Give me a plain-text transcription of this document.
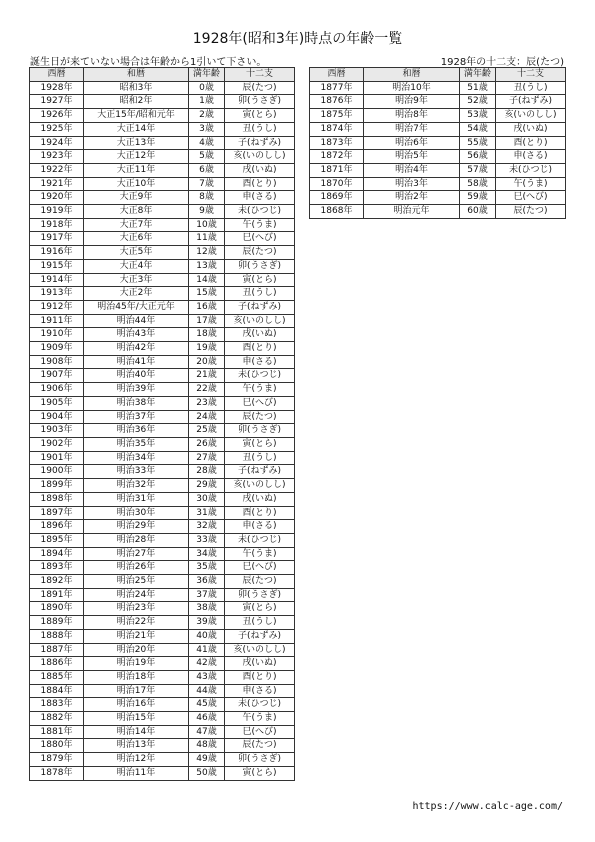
1928年(昭和3年)時点の年齢一覧
誕生日が来ていない場合は年齢から1引いて下さい。	1928年の十二支：辰(たつ)
西暦	和暦	満年齢	十二支
1928年	昭和3年	0歳	辰(たつ)
1927年	昭和2年	1歳	卯(うさぎ)
1926年	大正15年/昭和元年	2歳	寅(とら)
1925年	大正14年	3歳	丑(うし)
1924年	大正13年	4歳	子(ねずみ)
1923年	大正12年	5歳	亥(いのしし)
1922年	大正11年	6歳	戌(いぬ)
1921年	大正10年	7歳	酉(とり)
1920年	大正9年	8歳	申(さる)
1919年	大正8年	9歳	未(ひつじ)
1918年	大正7年	10歳	午(うま)
1917年	大正6年	11歳	巳(へび)
1916年	大正5年	12歳	辰(たつ)
1915年	大正4年	13歳	卯(うさぎ)
1914年	大正3年	14歳	寅(とら)
1913年	大正2年	15歳	丑(うし)
1912年	明治45年/大正元年	16歳	子(ねずみ)
1911年	明治44年	17歳	亥(いのしし)
1910年	明治43年	18歳	戌(いぬ)
1909年	明治42年	19歳	酉(とり)
1908年	明治41年	20歳	申(さる)
1907年	明治40年	21歳	未(ひつじ)
1906年	明治39年	22歳	午(うま)
1905年	明治38年	23歳	巳(へび)
1904年	明治37年	24歳	辰(たつ)
1903年	明治36年	25歳	卯(うさぎ)
1902年	明治35年	26歳	寅(とら)
1901年	明治34年	27歳	丑(うし)
1900年	明治33年	28歳	子(ねずみ)
1899年	明治32年	29歳	亥(いのしし)
1898年	明治31年	30歳	戌(いぬ)
1897年	明治30年	31歳	酉(とり)
1896年	明治29年	32歳	申(さる)
1895年	明治28年	33歳	未(ひつじ)
1894年	明治27年	34歳	午(うま)
1893年	明治26年	35歳	巳(へび)
1892年	明治25年	36歳	辰(たつ)
1891年	明治24年	37歳	卯(うさぎ)
1890年	明治23年	38歳	寅(とら)
1889年	明治22年	39歳	丑(うし)
1888年	明治21年	40歳	子(ねずみ)
1887年	明治20年	41歳	亥(いのしし)
1886年	明治19年	42歳	戌(いぬ)
1885年	明治18年	43歳	酉(とり)
1884年	明治17年	44歳	申(さる)
1883年	明治16年	45歳	未(ひつじ)
1882年	明治15年	46歳	午(うま)
1881年	明治14年	47歳	巳(へび)
1880年	明治13年	48歳	辰(たつ)
1879年	明治12年	49歳	卯(うさぎ)
1878年	明治11年	50歳	寅(とら)
西暦	和暦	満年齢	十二支
1877年	明治10年	51歳	丑(うし)
1876年	明治9年	52歳	子(ねずみ)
1875年	明治8年	53歳	亥(いのしし)
1874年	明治7年	54歳	戌(いぬ)
1873年	明治6年	55歳	酉(とり)
1872年	明治5年	56歳	申(さる)
1871年	明治4年	57歳	未(ひつじ)
1870年	明治3年	58歳	午(うま)
1869年	明治2年	59歳	巳(へび)
1868年	明治元年	60歳	辰(たつ)
https://www.calc-age.com/
